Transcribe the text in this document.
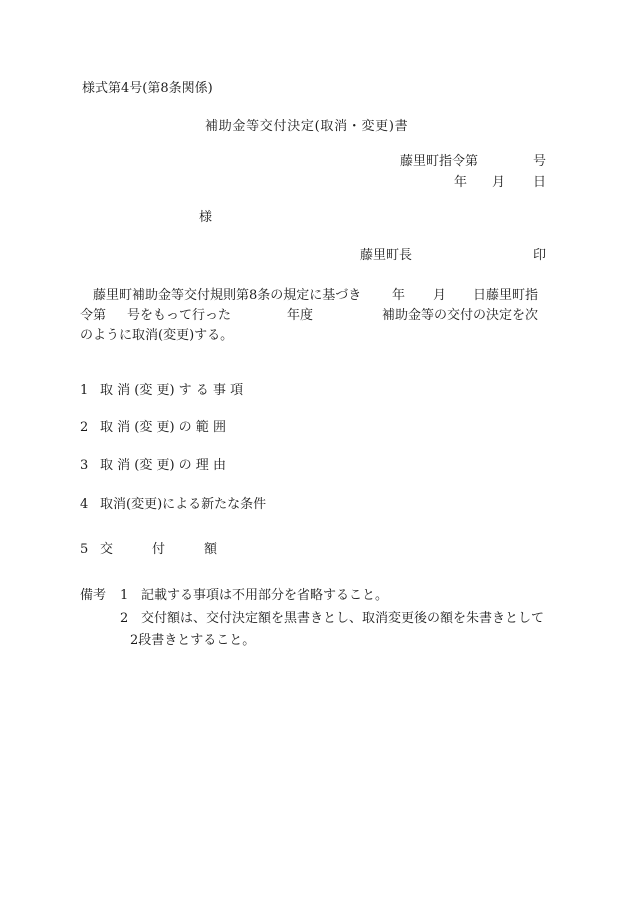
様式第4号(第8条関係)
補助金等交付決定(取消・変更)書
藤里町指令第	号
年 月 日
様
藤里町長	印
藤里町補助金等交付規則第8条の規定に基づき 年 月 日藤里町指
令第 号をもって行った	年度	補助金等の交付の決定を次
のように取消(変更)する。
1 取 消 (変 更) す る 事 項
2 取 消 (変 更) の 範 囲
3 取 消 (変 更) の 理 由
4 取消(変更)による新たな条件
5 交	付	額
備考 1 記載する事項は不用部分を省略すること。
2 交付額は、交付決定額を黒書きとし、取消変更後の額を朱書きとして
2段書きとすること。
